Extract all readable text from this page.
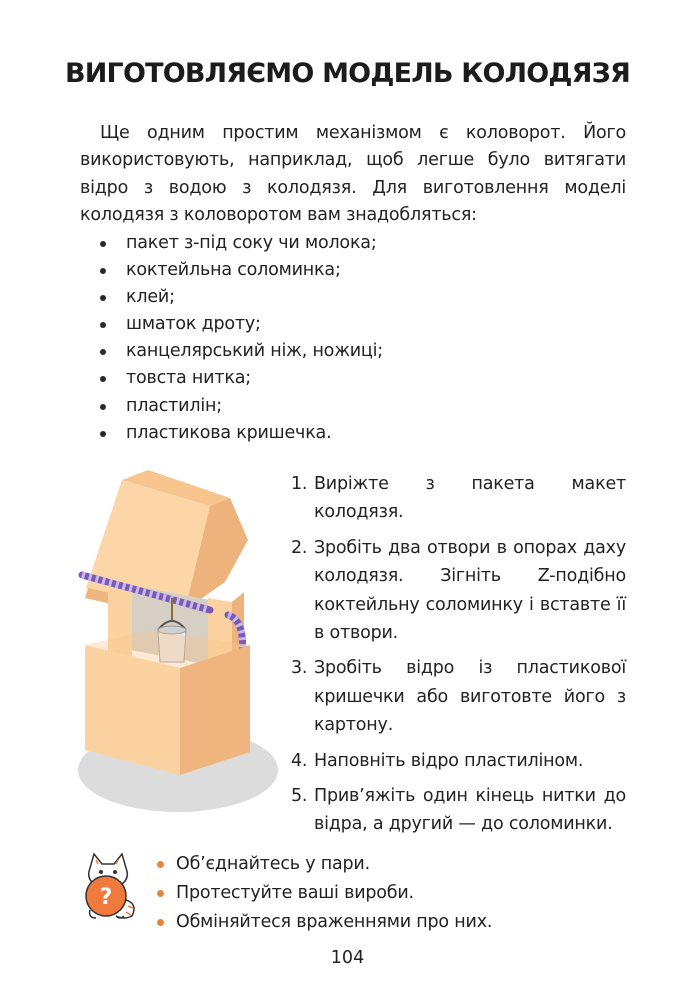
ВИГОТОВЛЯЄМО МОДЕЛЬ КОЛОДЯЗЯ

Ще одним простим механізмом є коловорот. Його використовують, наприклад, щоб легше було витягати відро з водою з колодязя. Для виготовлення моделі колодязя з коловоротом вам знадобляться:

пакет з-під соку чи молока;
коктейльна соломинка;
клей;
шматок дроту;
канцелярський ніж, ножиці;
товста нитка;
пластилін;
пластикова кришечка.
1. Виріжте з пакета макет колодязя.
2. Зробіть два отвори в опорах даху колодязя. Зігніть Z-подібно коктейльну соломинку і вставте її в отвори.
3. Зробіть відро із пластикової кришечки або виготовте його з картону.
4. Наповніть відро пластиліном.
5. Прив’яжіть один кінець нитки до відра, а другий — до соломинки.
?
Об’єднайтесь у пари.
Протестуйте ваші вироби.
Обміняйтеся враженнями про них.
104
